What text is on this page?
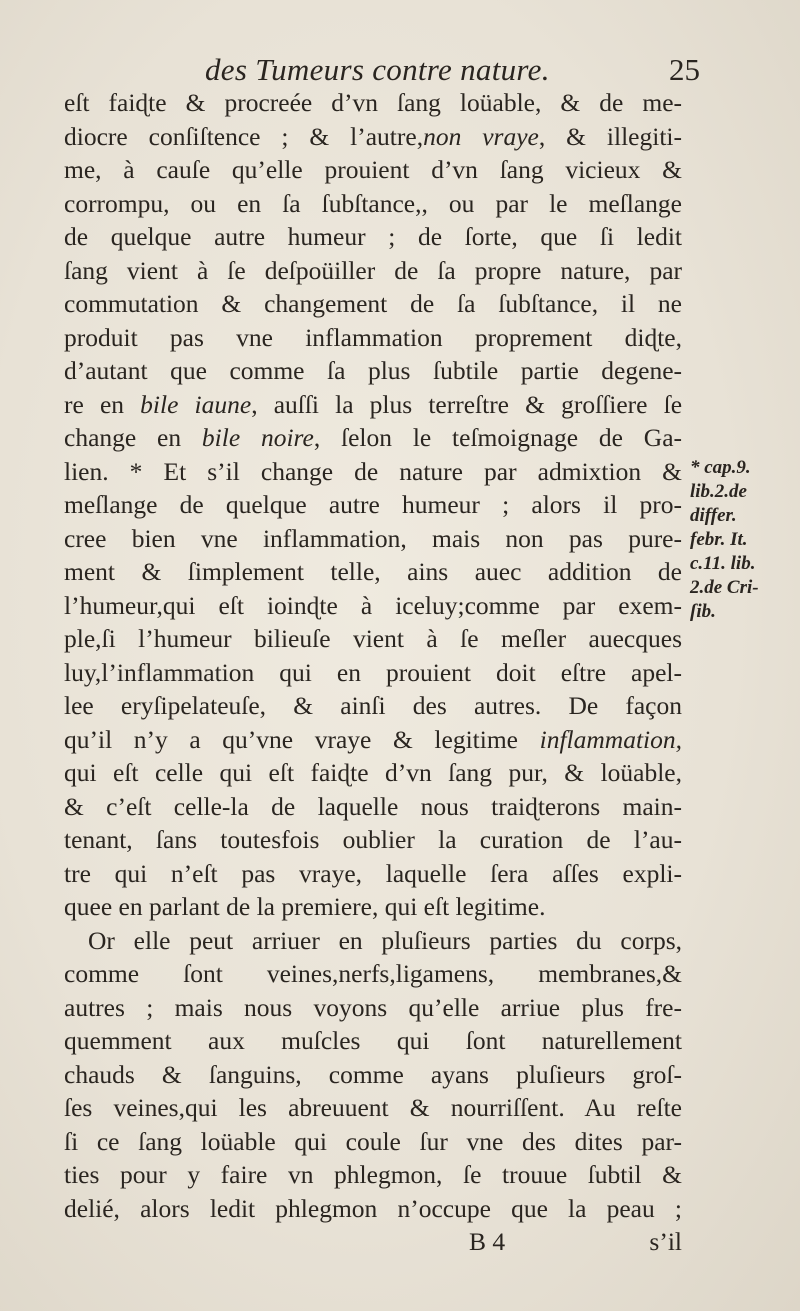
des Tumeurs contre nature.	25
eſt faiɖte & procreée d’vn ſang loüable, & de me-
diocre conſiſtence ; & l’autre,non vraye, & illegiti-
me, à cauſe qu’elle prouient d’vn ſang vicieux &
corrompu, ou en ſa ſubſtance,, ou par le meſlange
de quelque autre humeur ; de ſorte, que ſi ledit
ſang vient à ſe deſpoüiller de ſa propre nature, par
commutation & changement de ſa ſubſtance, il ne
produit pas vne inflammation proprement diɖte,
d’autant que comme ſa plus ſubtile partie degene-
re en bile iaune, auſſi la plus terreſtre & groſſiere ſe
change en bile noire, ſelon le teſmoignage de Ga-
lien. * Et s’il change de nature par admixtion &
meſlange de quelque autre humeur ; alors il pro-
cree bien vne inflammation, mais non pas pure-
ment & ſimplement telle, ains auec addition de
l’humeur,qui eſt ioinɖte à iceluy;comme par exem-
ple,ſi l’humeur bilieuſe vient à ſe meſler auecques
luy,l’inflammation qui en prouient doit eſtre apel-
lee eryſipelateuſe, & ainſi des autres. De façon
qu’il n’y a qu’vne vraye & legitime inflammation,
qui eſt celle qui eſt faiɖte d’vn ſang pur, & loüable,
& c’eſt celle-la de laquelle nous traiɖterons main-
tenant, ſans toutesfois oublier la curation de l’au-
tre qui n’eſt pas vraye, laquelle ſera aſſes expli-
quee en parlant de la premiere, qui eſt legitime.
Or elle peut arriuer en pluſieurs parties du corps,
comme ſont veines,nerfs,ligamens, membranes,&
autres ; mais nous voyons qu’elle arriue plus fre-
quemment aux muſcles qui ſont naturellement
chauds & ſanguins, comme ayans pluſieurs groſ-
ſes veines,qui les abreuuent & nourriſſent. Au reſte
ſi ce ſang loüable qui coule ſur vne des dites par-
ties pour y faire vn phlegmon, ſe trouue ſubtil &
delié, alors ledit phlegmon n’occupe que la peau ;
B 4	s’il
* cap.9.
lib.2.de
differ.
febr. It.
c.11. lib.
2.de Cri-
ſib.
